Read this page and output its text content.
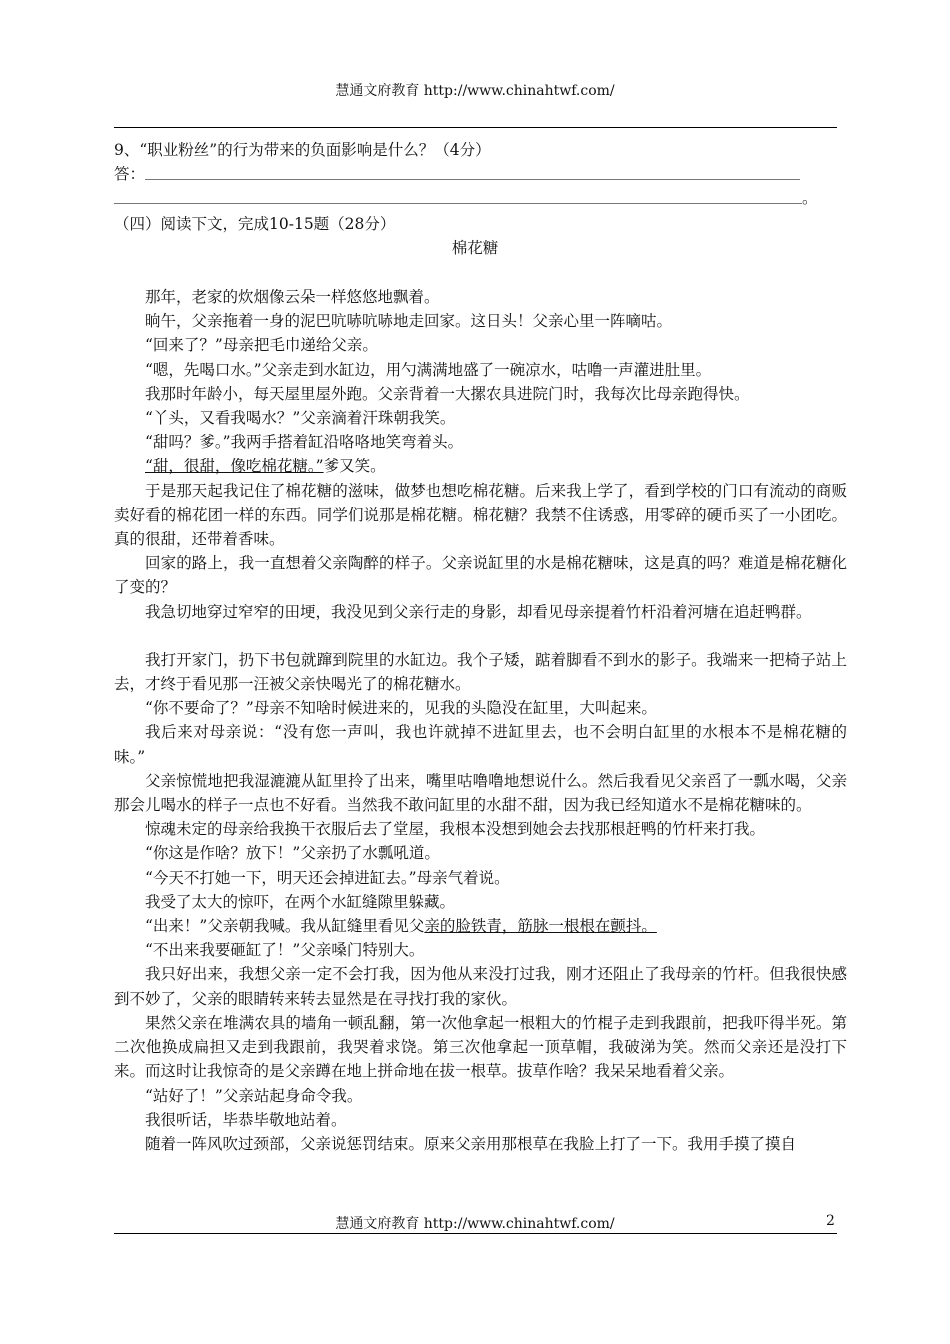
慧通文府教育 http://www.chinahtwf.com/
9、“职业粉丝”的行为带来的负面影响是什么？（4分）
答：
。
（四）阅读下文，完成10-15题（28分）
棉花糖

那年，老家的炊烟像云朵一样悠悠地飘着。

晌午，父亲拖着一身的泥巴吭哧吭哧地走回家。这日头！父亲心里一阵嘀咕。

“回来了？”母亲把毛巾递给父亲。

“嗯，先喝口水。”父亲走到水缸边，用勺满满地盛了一碗凉水，咕噜一声灌进肚里。

我那时年龄小，每天屋里屋外跑。父亲背着一大摞农具进院门时，我每次比母亲跑得快。

“丫头，又看我喝水？”父亲滴着汗珠朝我笑。

“甜吗？爹。”我两手搭着缸沿咯咯地笑弯着头。

“甜，很甜，像吃棉花糖。”爹又笑。

于是那天起我记住了棉花糖的滋味，做梦也想吃棉花糖。后来我上学了，看到学校的门口有流动的商贩卖好看的棉花团一样的东西。同学们说那是棉花糖。棉花糖？我禁不住诱惑，用零碎的硬币买了一小团吃。真的很甜，还带着香味。

回家的路上，我一直想着父亲陶醉的样子。父亲说缸里的水是棉花糖味，这是真的吗？难道是棉花糖化了变的？

我急切地穿过窄窄的田埂，我没见到父亲行走的身影，却看见母亲提着竹杆沿着河塘在追赶鸭群。

我打开家门，扔下书包就蹿到院里的水缸边。我个子矮，踮着脚看不到水的影子。我端来一把椅子站上去，才终于看见那一汪被父亲快喝光了的棉花糖水。

“你不要命了？”母亲不知啥时候进来的，见我的头隐没在缸里，大叫起来。

我后来对母亲说：“没有您一声叫，我也许就掉不进缸里去，也不会明白缸里的水根本不是棉花糖的味。”

父亲惊慌地把我湿漉漉从缸里拎了出来，嘴里咕噜噜地想说什么。然后我看见父亲舀了一瓢水喝，父亲那会儿喝水的样子一点也不好看。当然我不敢问缸里的水甜不甜，因为我已经知道水不是棉花糖味的。

惊魂未定的母亲给我换干衣服后去了堂屋，我根本没想到她会去找那根赶鸭的竹杆来打我。

“你这是作啥？放下！”父亲扔了水瓢吼道。

“今天不打她一下，明天还会掉进缸去。”母亲气着说。

我受了太大的惊吓，在两个水缸缝隙里躲藏。

“出来！”父亲朝我喊。我从缸缝里看见父亲的脸铁青，筋脉一根根在颤抖。

“不出来我要砸缸了！”父亲嗓门特别大。

我只好出来，我想父亲一定不会打我，因为他从来没打过我，刚才还阻止了我母亲的竹杆。但我很快感到不妙了，父亲的眼睛转来转去显然是在寻找打我的家伙。

果然父亲在堆满农具的墙角一顿乱翻，第一次他拿起一根粗大的竹棍子走到我跟前，把我吓得半死。第二次他换成扁担又走到我跟前，我哭着求饶。第三次他拿起一顶草帽，我破涕为笑。然而父亲还是没打下来。而这时让我惊奇的是父亲蹲在地上拼命地在拔一根草。拔草作啥？我呆呆地看着父亲。

“站好了！”父亲站起身命令我。

我很听话，毕恭毕敬地站着。

随着一阵风吹过颈部，父亲说惩罚结束。原来父亲用那根草在我脸上打了一下。我用手摸了摸自

慧通文府教育 http://www.chinahtwf.com/	2
